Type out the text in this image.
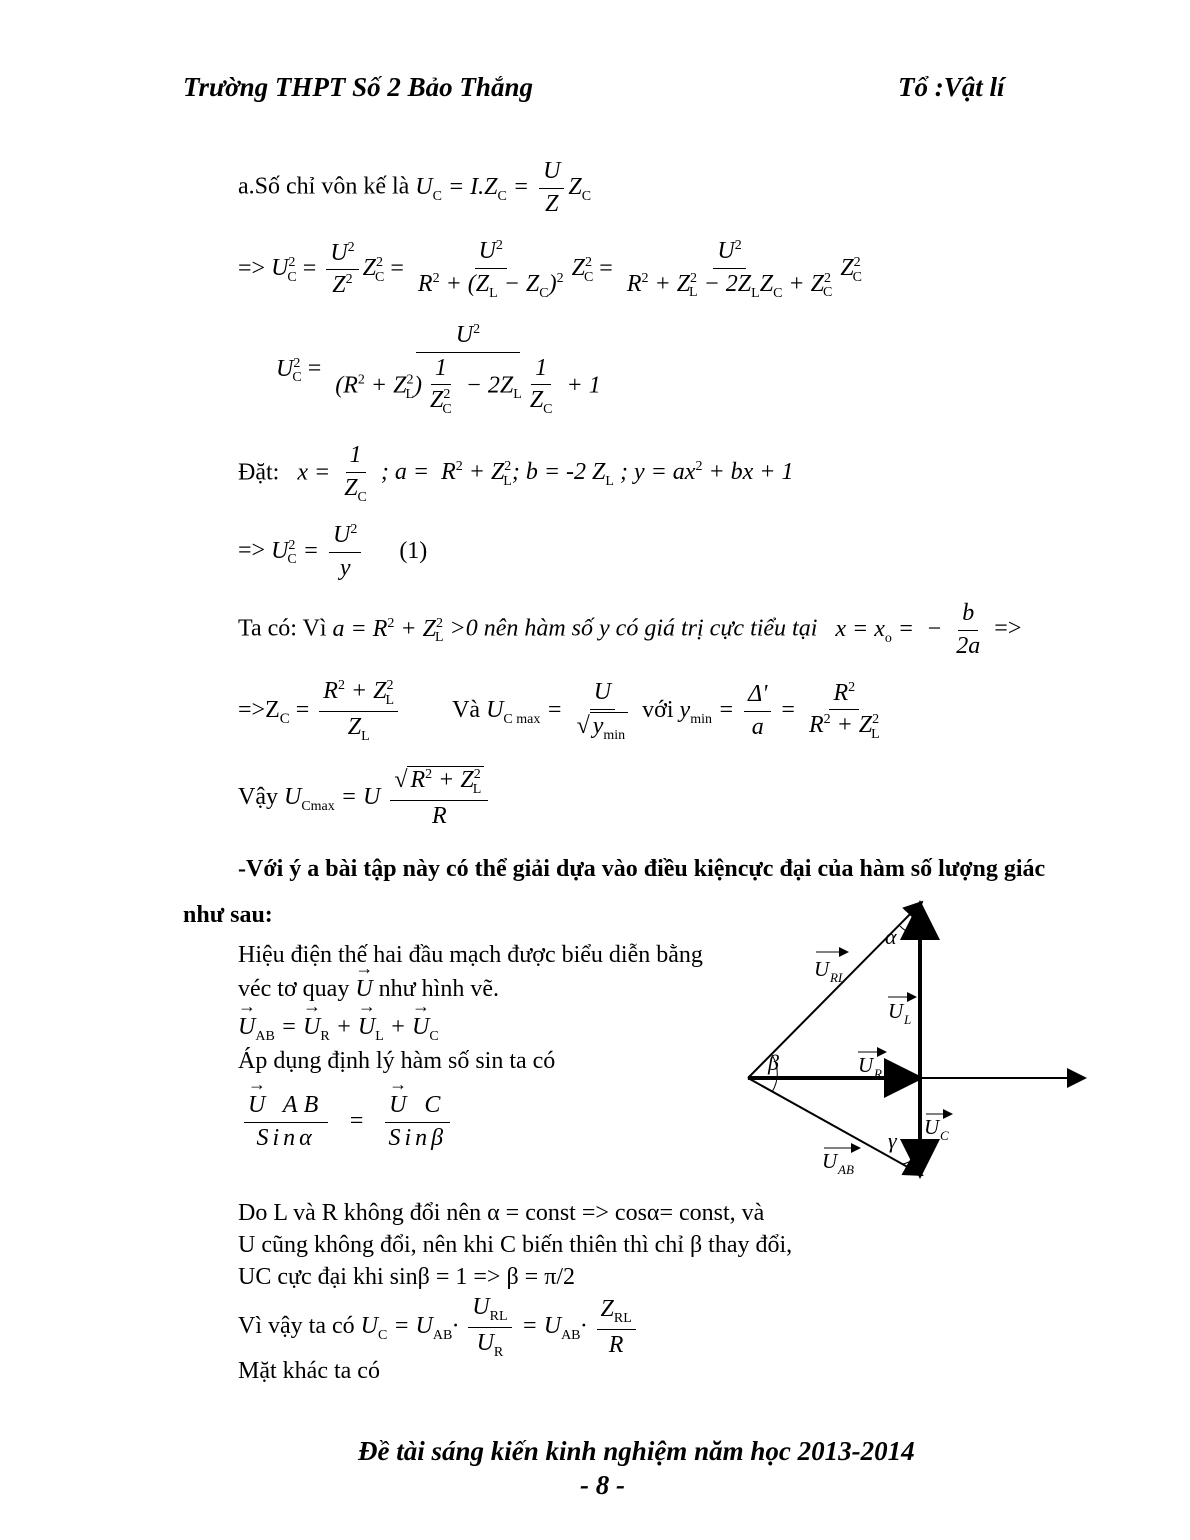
Trường THPT Số 2 Bảo Thắng	Tổ :Vật lí
a.Số chỉ vôn kế là $U_C = I.Z_C = \frac{U}{Z} Z_C$
=> $U^2_C = \frac{U^2}{Z^2} Z^2_C = \frac{U^2}{R^2 + (Z_L - Z_C)^2} Z^2_C = \frac{U^2}{R^2 + Z^2_L - 2Z_LZ_C + Z^2_C} Z^2_C$
$U^2_C = \frac{U^2}{(R^2 + Z^2_L) \frac{1}{Z^2_C} - 2Z_L \frac{1}{Z_C} + 1}$
Đặt:   $x = \frac{1}{Z_C}$ ; $a = R^2 + Z^2_L$; b = -2 $Z_L$ ; $y = ax^2$ + bx + 1
=> $U^2_C = \frac{U^2}{y} (1)$
Ta có: Vì $a = R^2 + Z^2_L >0$ nên hàm số y có giá trị cực tiểu tại   $x = x_o$ =  − $\frac{b}{2a}$ =>
$=>Z_C = \frac{R^2 + Z^2_L}{Z_L}$ Và $U_{C max} = \frac{U}{√ y_{min}}$ với $y_{min} = \frac{\Delta'}{a} = \frac{R^2}{R^2 + Z^2_L}$
Vậy $U_{Cmax} = U \frac{√ R^2 + Z^2_L}{R}$
-Với ý a bài tập này có thể giải dựa vào điều kiệncực đại của hàm số lượng giác
như sau:
Hiệu điện thế hai đầu mạch được biểu diễn bằng
véc tơ quay → U như hình vẽ.
→ $U_{AB}$ = → $U_R$ + → $U_L$ + → $U_C$
Áp dụng định lý hàm số sin ta có
→ $\frac{\text{U AB}}{\text{Sinα}}$ = → $\frac{\text{U C}}{\text{Sinβ}}$
α
β
γ
U RL
U L
U R
U C
U AB
Do L và R không đổi nên α = const => cosα= const, và
U cũng không đổi, nên khi C biến thiên thì chỉ β thay đổi,
UC cực đại khi sinβ = 1 => β = π/2
Vì vậy ta có $U_C = U_{AB}\cdot \frac{U_{RL}}{U_R} = U_{AB}\cdot \frac{Z_{RL}}{R}$
Mặt khác ta có
Đề tài sáng kiến kinh nghiệm năm học 2013-2014
- 8 -
